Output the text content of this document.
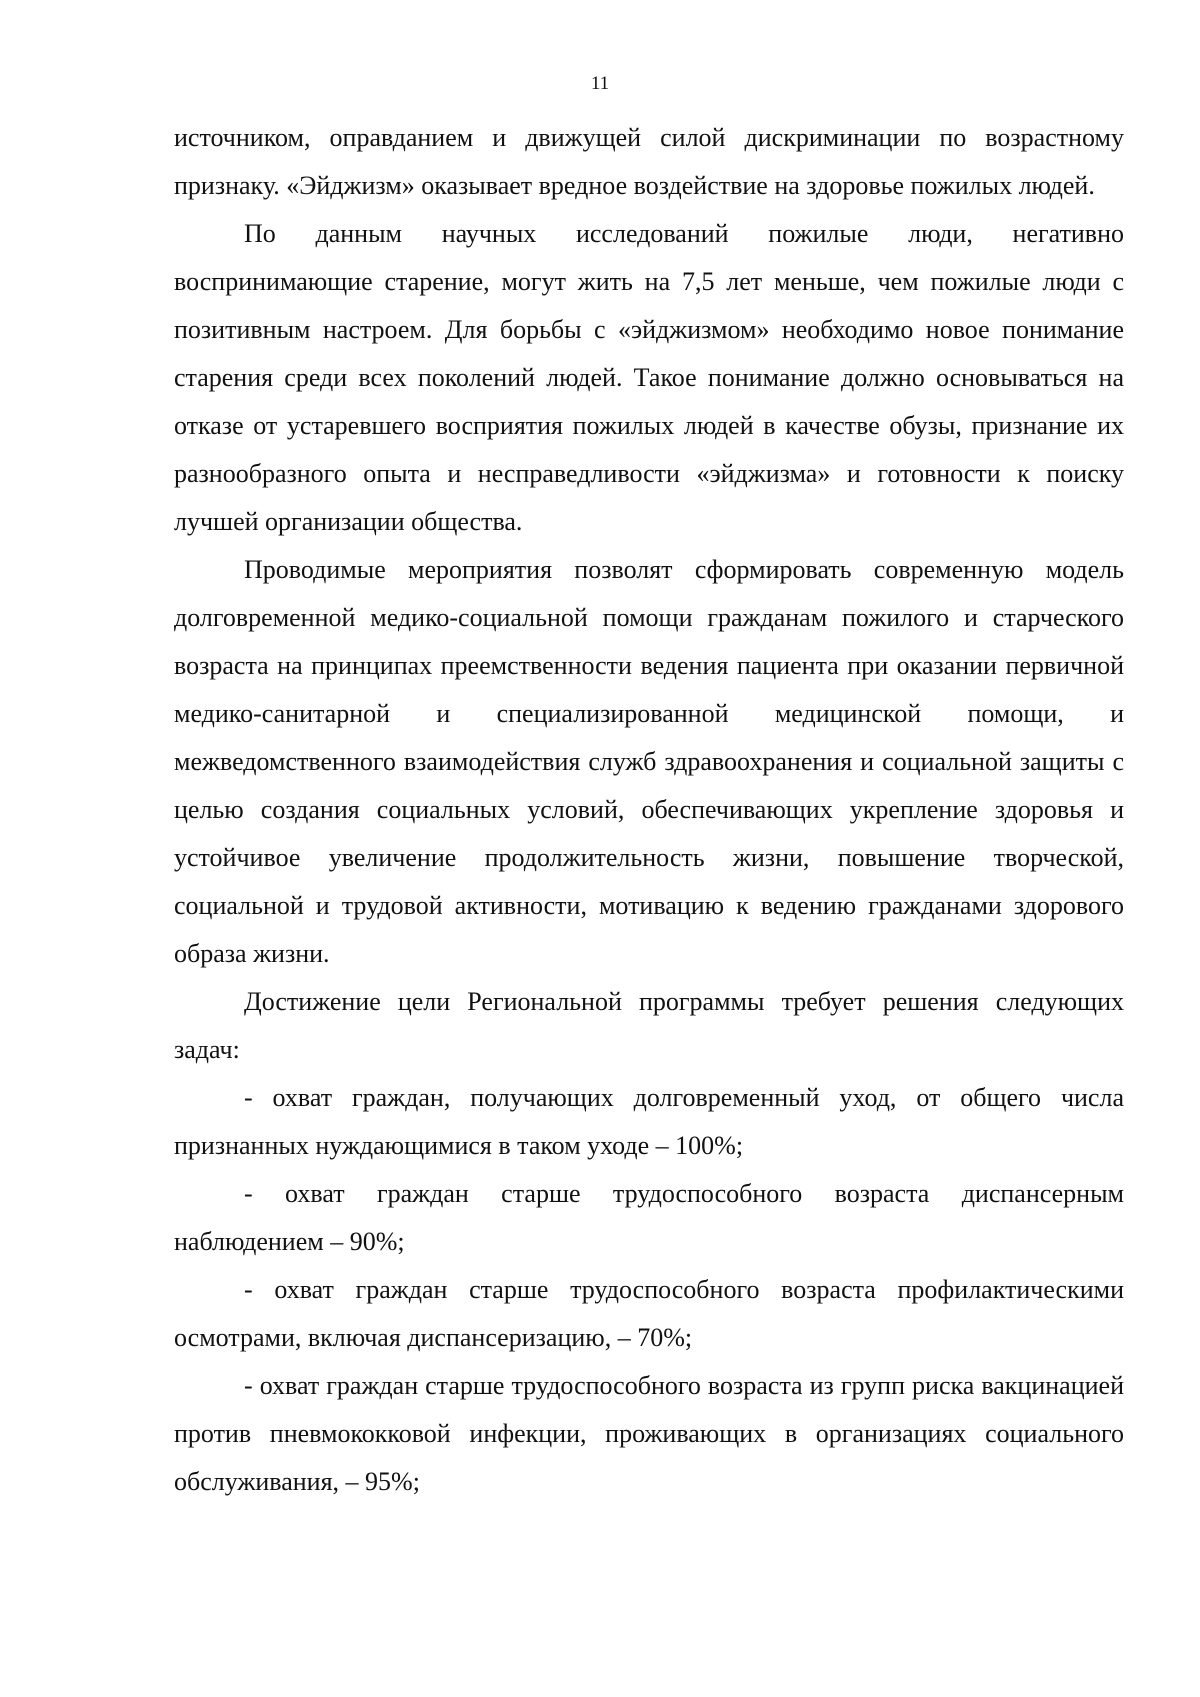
11

источником, оправданием и движущей силой дискриминации по возрастному признаку. «Эйджизм» оказывает вредное воздействие на здоровье пожилых людей.

По данным научных исследований пожилые люди, негативно воспринимающие старение, могут жить на 7,5 лет меньше, чем пожилые люди с позитивным настроем. Для борьбы с «эйджизмом» необходимо новое понимание старения среди всех поколений людей. Такое понимание должно основываться на отказе от устаревшего восприятия пожилых людей в качестве обузы, признание их разнообразного опыта и несправедливости «эйджизма» и готовности к поиску лучшей организации общества.

Проводимые мероприятия позволят сформировать современную модель долговременной медико-социальной помощи гражданам пожилого и старческого возраста на принципах преемственности ведения пациента при оказании первичной медико-санитарной и специализированной медицинской помощи, и межведомственного взаимодействия служб здравоохранения и социальной защиты с целью создания социальных условий, обеспечивающих укрепление здоровья и устойчивое увеличение продолжительность жизни, повышение творческой, социальной и трудовой активности, мотивацию к ведению гражданами здорового образа жизни.

Достижение цели Региональной программы требует решения следующих задач:

- охват граждан, получающих долговременный уход, от общего числа признанных нуждающимися в таком уходе – 100%;

- охват граждан старше трудоспособного возраста диспансерным наблюдением – 90%;

- охват граждан старше трудоспособного возраста профилактическими осмотрами, включая диспансеризацию, – 70%;

- охват граждан старше трудоспособного возраста из групп риска вакцинацией против пневмококковой инфекции, проживающих в организациях социального обслуживания, – 95%;
